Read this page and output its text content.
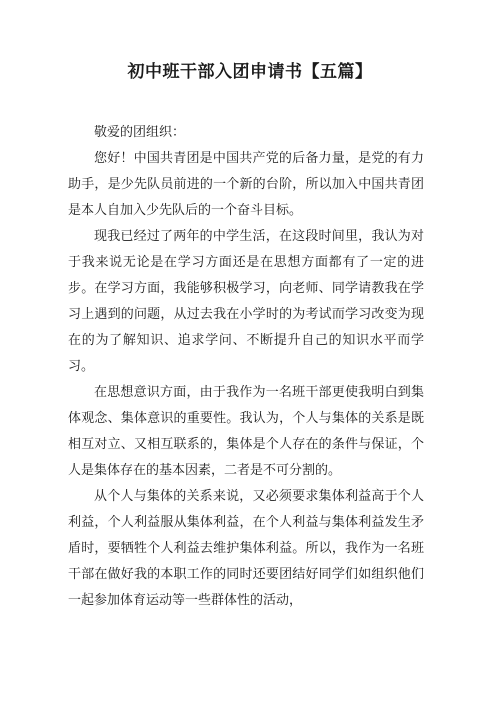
初中班干部入团申请书【五篇】

敬爱的团组织：

您好！中国共青团是中国共产党的后备力量，是党的有力助手，是少先队员前进的一个新的台阶，所以加入中国共青团是本人自加入少先队后的一个奋斗目标。

现我已经过了两年的中学生活，在这段时间里，我认为对于我来说无论是在学习方面还是在思想方面都有了一定的进步。在学习方面，我能够积极学习，向老师、同学请教我在学习上遇到的问题，从过去我在小学时的为考试而学习改变为现在的为了解知识、追求学问、不断提升自己的知识水平而学习。

在思想意识方面，由于我作为一名班干部更使我明白到集体观念、集体意识的重要性。我认为，个人与集体的关系是既相互对立、又相互联系的，集体是个人存在的条件与保证，个人是集体存在的基本因素，二者是不可分割的。

从个人与集体的关系来说，又必须要求集体利益高于个人利益，个人利益服从集体利益，在个人利益与集体利益发生矛盾时，要牺牲个人利益去维护集体利益。所以，我作为一名班干部在做好我的本职工作的同时还要团结好同学们如组织他们一起参加体育运动等一些群体性的活动，
